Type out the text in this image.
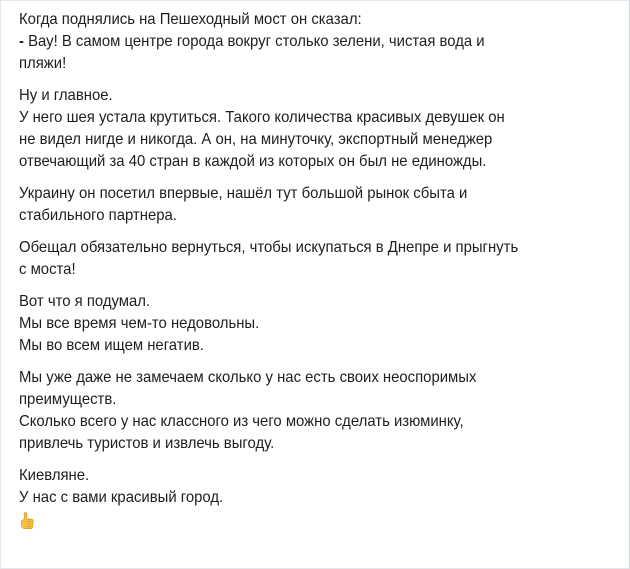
Когда поднялись на Пешеходный мост он сказал:
- Вау! В самом центре города вокруг столько зелени, чистая вода и
пляжи!
Ну и главное.
У него шея устала крутиться. Такого количества красивых девушек он
не видел нигде и никогда. А он, на минуточку, экспортный менеджер
отвечающий за 40 стран в каждой из которых он был не единожды.
Украину он посетил впервые, нашёл тут большой рынок сбыта и
стабильного партнера.
Обещал обязательно вернуться, чтобы искупаться в Днепре и прыгнуть
с моста!
Вот что я подумал.
Мы все время чем-то недовольны.
Мы во всем ищем негатив.
Мы уже даже не замечаем сколько у нас есть своих неоспоримых
преимуществ.
Сколько всего у нас классного из чего можно сделать изюминку,
привлечь туристов и извлечь выгоду.
Киевляне.
У нас с вами красивый город.
